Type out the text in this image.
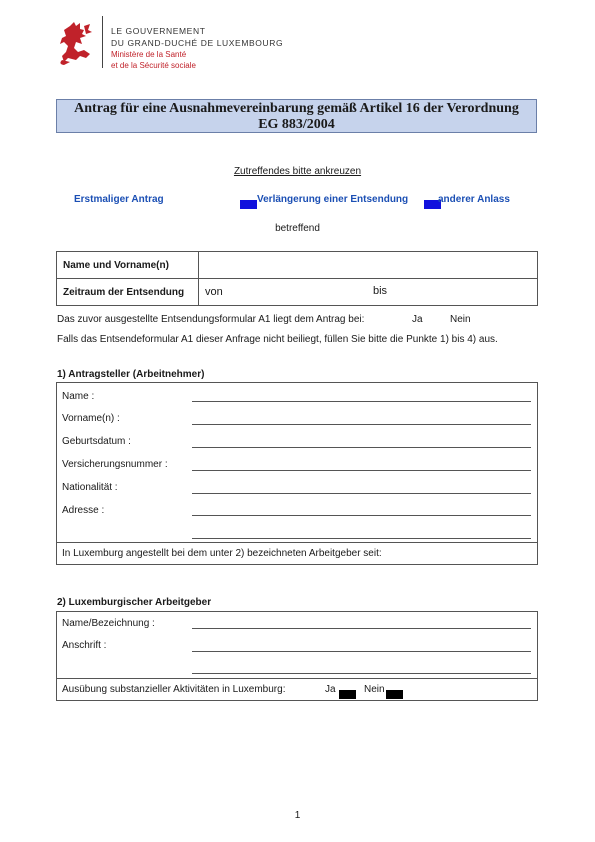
LE GOUVERNEMENT
DU GRAND-DUCHÉ DE LUXEMBOURG
Ministère de la Santé
et de la Sécurité sociale
Antrag für eine Ausnahmevereinbarung gemäß Artikel 16 der Verordnung
EG 883/2004
Zutreffendes bitte ankreuzen
Erstmaliger Antrag	Verlängerung einer Entsendung	anderer Anlass
betreffend
Name und Vorname(n)	
Zeitraum der Entsendung	von bis
Das zuvor ausgestellte Entsendungsformular A1 liegt dem Antrag bei:	Ja	Nein
Falls das Entsendeformular A1 dieser Anfrage nicht beiliegt, füllen Sie bitte die Punkte 1) bis 4) aus.
1) Antragsteller (Arbeitnehmer)
Name :
Vorname(n) :
Geburtsdatum :
Versicherungsnummer :
Nationalität :
Adresse :
In Luxemburg angestellt bei dem unter 2) bezeichneten Arbeitgeber seit:
2) Luxemburgischer Arbeitgeber
Name/Bezeichnung :
Anschrift :
Ausübung substanzieller Aktivitäten in Luxemburg:	Ja	Nein
1
